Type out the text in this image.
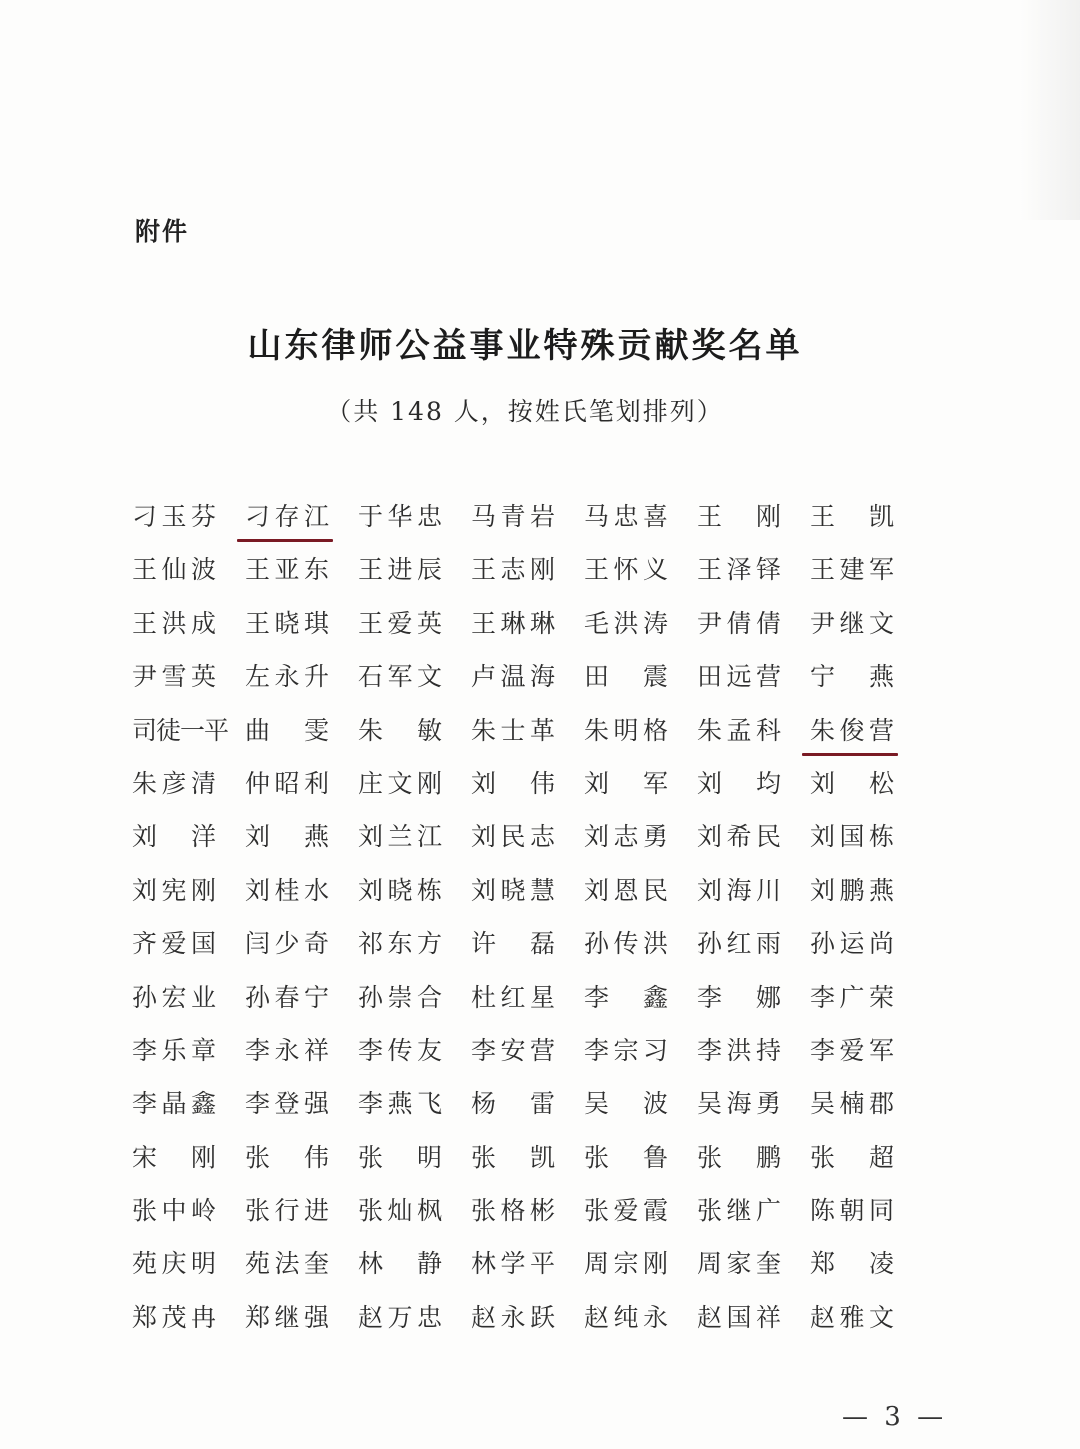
附件
山东律师公益事业特殊贡献奖名单
（共 148 人，按姓氏笔划排列）
刁玉芬	刁存江	于华忠	马青岩	马忠喜	王刚	王凯
王仙波	王亚东	王进辰	王志刚	王怀义	王泽铎	王建军
王洪成	王晓琪	王爱英	王琳琳	毛洪涛	尹倩倩	尹继文
尹雪英	左永升	石军文	卢温海	田震	田远营	宁燕
司徒一平 曲雯	朱敏	朱士革	朱明格	朱孟科	朱俊营
朱彦清	仲昭利	庄文刚	刘伟	刘军	刘均	刘松
刘洋	刘燕	刘兰江	刘民志	刘志勇	刘希民	刘国栋
刘宪刚	刘桂水	刘晓栋	刘晓慧	刘恩民	刘海川	刘鹏燕
齐爱国	闫少奇	祁东方	许磊	孙传洪	孙红雨	孙运尚
孙宏业	孙春宁	孙崇合	杜红星	李鑫	李娜	李广荣
李乐章	李永祥	李传友	李安营	李宗习	李洪持	李爱军
李晶鑫	李登强	李燕飞	杨雷	吴波	吴海勇	吴楠郡
宋刚	张伟	张明	张凯	张鲁	张鹏	张超
张中岭	张行进	张灿枫	张格彬	张爱霞	张继广	陈朝同
苑庆明	苑法奎	林静	林学平	周宗刚	周家奎	郑凌
郑茂冉	郑继强	赵万忠	赵永跃	赵纯永	赵国祥	赵雅文
— 3 —
